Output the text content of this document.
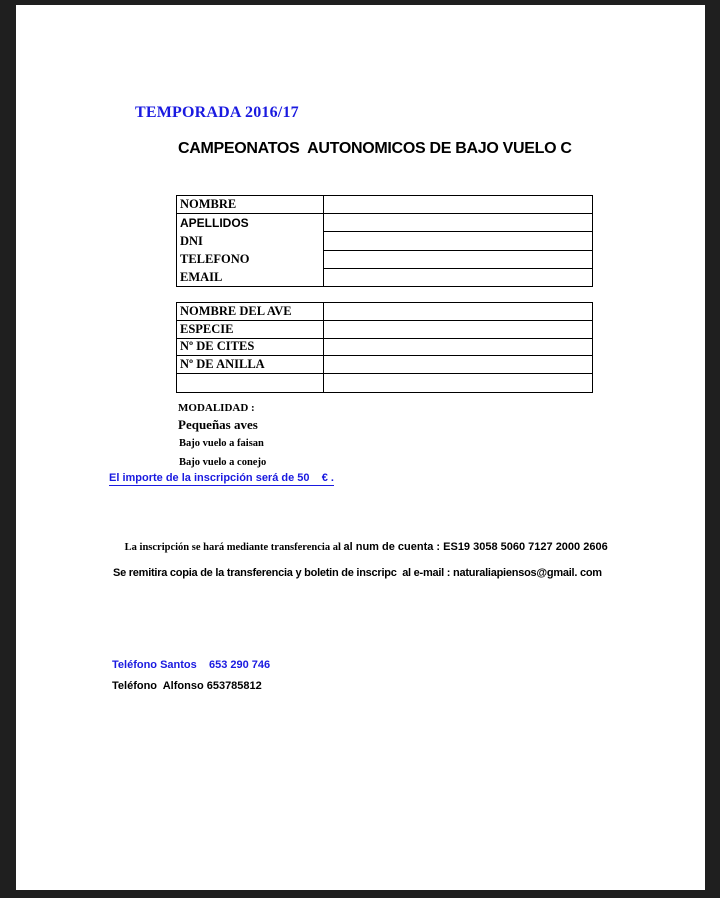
TEMPORADA 2016/17
CAMPEONATOS  AUTONOMICOS DE BAJO VUELO C
NOMBRE
APELLIDOS
DNI
TELEFONO
EMAIL
NOMBRE DEL AVE
ESPECIE
Nº DE CITES
Nº DE ANILLA
MODALIDAD :
Pequeñas aves
Bajo vuelo a faisan
Bajo vuelo a conejo
El importe de la inscripción será de 50    € .

La inscripción se hará mediante transferencia al al num de cuenta : ES19 3058 5060 7127 2000 2606

Se remitira copia de la transferencia y boletin de inscripc  al e-mail : naturaliapiensos@gmail. com
Teléfono Santos    653 290 746
Teléfono  Alfonso 653785812
